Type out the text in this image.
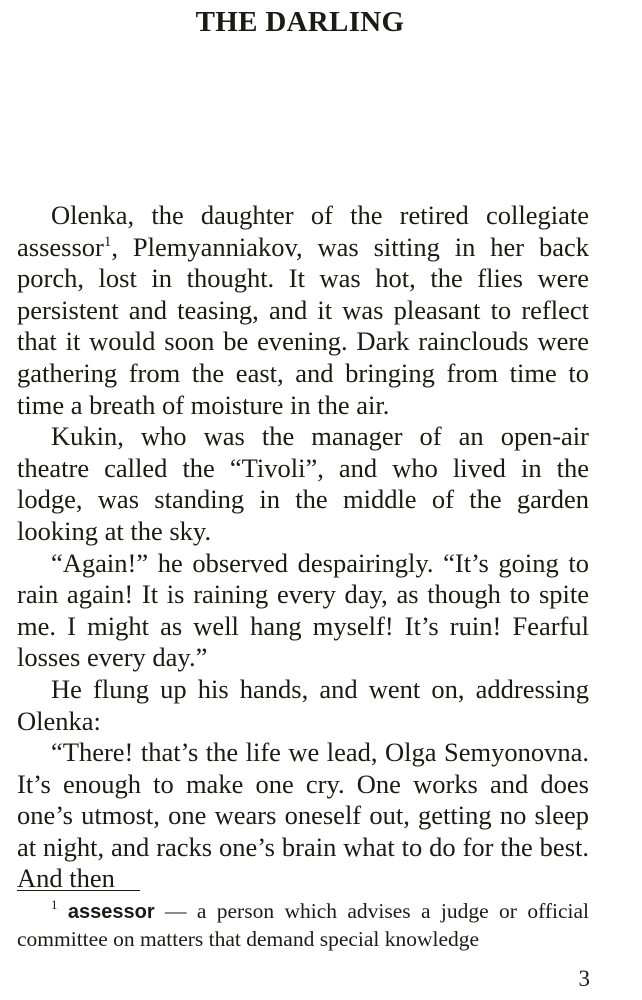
THE DARLING

Olenka, the daughter of the retired collegiate assessor$^1$, Plemyanniakov, was sitting in her back porch, lost in thought. It was hot, the flies were persistent and teasing, and it was pleasant to reflect that it would soon be evening. Dark rainclouds were gathering from the east, and bringing from time to time a breath of moisture in the air.

Kukin, who was the manager of an open-air theatre called the “Tivoli”, and who lived in the lodge, was standing in the middle of the garden looking at the sky.

“Again!” he observed despairingly. “It’s going to rain again! It is raining every day, as though to spite me. I might as well hang myself! It’s ruin! Fearful losses every day.”

He flung up his hands, and went on, addressing Olenka:

“There! that’s the life we lead, Olga Semyonovna. It’s enough to make one cry. One works and does one’s utmost, one wears oneself out, getting no sleep at night, and racks one’s brain what to do for the best. And then

$^1$ assessor — a person which advises a judge or official committee on matters that demand special knowledge

3
